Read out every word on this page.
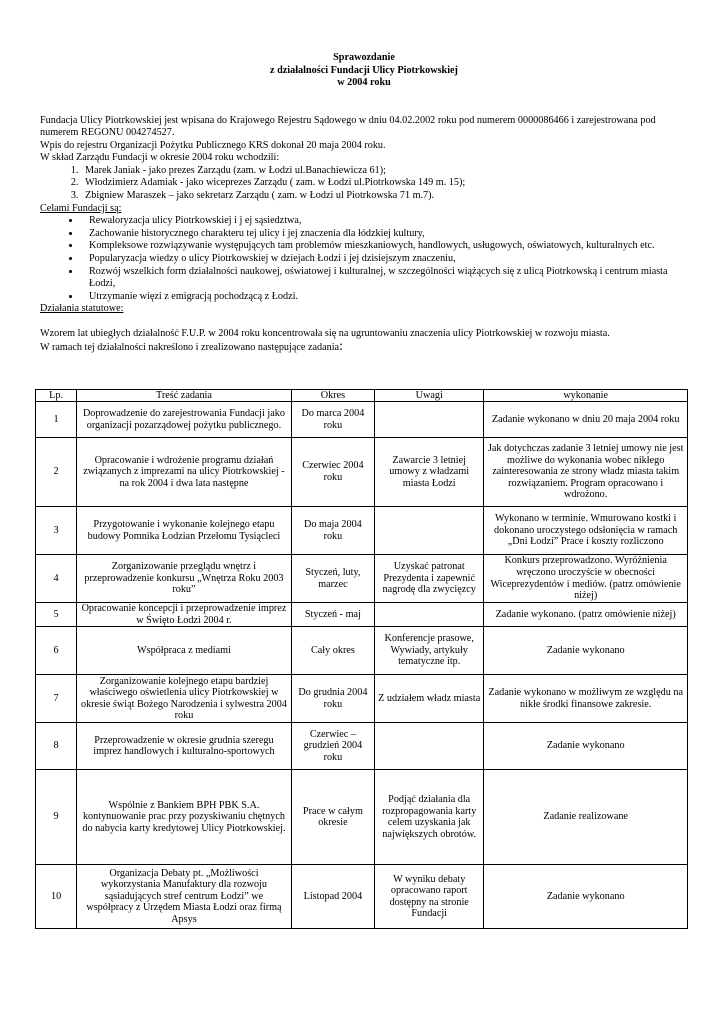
Sprawozdanie
z działalności Fundacji Ulicy Piotrkowskiej
w 2004 roku

Fundacja Ulicy Piotrkowskiej jest wpisana do Krajowego Rejestru Sądowego w dniu 04.02.2002 roku pod numerem 0000086466 i zarejestrowana pod numerem REGONU 004274527.

Wpis do rejestru Organizacji Pożytku Publicznego KRS dokonał 20 maja 2004 roku.

W skład Zarządu Fundacji w okresie 2004 roku wchodzili:

1. Marek Janiak - jako prezes Zarządu (zam. w Łodzi ul.Banachiewicza 61);
2. Włodzimierz Adamiak - jako wiceprezes Zarządu ( zam. w Łodzi ul.Piotrkowska 149 m. 15);
3. Zbigniew Maraszek – jako sekretarz Zarządu ( zam. w Łodzi ul Piotrkowska 71 m.7).

Celami Fundacji są:

• Rewaloryzacja ulicy Piotrkowskiej i j ej sąsiedztwa,
• Zachowanie historycznego charakteru tej ulicy i jej znaczenia dla łódzkiej kultury,
• Kompleksowe rozwiązywanie występujących tam problemów mieszkaniowych, handlowych, usługowych, oświatowych, kulturalnych etc.
• Popularyzacja wiedzy o ulicy Piotrkowskiej w dziejach Łodzi i jej dzisiejszym znaczeniu,
• Rozwój wszelkich form działalności naukowej, oświatowej i kulturalnej, w szczególności wiążących się z ulicą Piotrkowską i centrum miasta Łodzi,
• Utrzymanie więzi z emigracją pochodzącą z Łodzi.

Działania statutowe:

Wzorem lat ubiegłych działalność F.U.P. w 2004 roku koncentrowała się na ugruntowaniu znaczenia ulicy Piotrkowskiej w rozwoju miasta.

W ramach tej działalności nakreślono i zrealizowano następujące zadania:

Lp.	Treść zadania	Okres	Uwagi	wykonanie
1	Doprowadzenie do zarejestrowania Fundacji jako organizacji pozarządowej pożytku publicznego.	Do marca 2004 roku		Zadanie wykonano w dniu 20 maja 2004 roku
2	Opracowanie i wdrożenie programu działań związanych z imprezami na ulicy Piotrkowskiej - na rok 2004 i dwa lata następne	Czerwiec 2004 roku	Zawarcie 3 letniej umowy z władzami miasta Łodzi	Jak dotychczas zadanie 3 letniej umowy nie jest możliwe do wykonania wobec nikłego zainteresowania ze strony władz miasta takim rozwiązaniem. Program opracowano i wdrożono.
3	Przygotowanie i wykonanie kolejnego etapu budowy Pomnika Łodzian Przełomu Tysiącleci	Do maja 2004 roku		Wykonano w terminie. Wmurowano kostki i dokonano uroczystego odsłonięcia w ramach „Dni Łodzi” Prace i koszty rozliczono
4	Zorganizowanie przeglądu wnętrz i przeprowadzenie konkursu „Wnętrza Roku 2003 roku”	Styczeń, luty, marzec	Uzyskać patronat Prezydenta i zapewnić nagrodę dla zwycięzcy	Konkurs przeprowadzono. Wyróżnienia wręczono uroczyście w obecności Wiceprezydentów i mediów. (patrz omówienie niżej)
5	Opracowanie koncepcji i przeprowadzenie imprez w Święto Łodzi 2004 r.	Styczeń - maj		Zadanie wykonano. (patrz omówienie niżej)
6	Współpraca z mediami	Cały okres	Konferencje prasowe, Wywiady, artykuły tematyczne itp.	Zadanie wykonano
7	Zorganizowanie kolejnego etapu bardziej właściwego oświetlenia ulicy Piotrkowskiej w okresie świąt Bożego Narodzenia i sylwestra 2004 roku	Do grudnia 2004 roku	Z udziałem władz miasta	Zadanie wykonano w możliwym ze względu na nikłe środki finansowe zakresie.
8	Przeprowadzenie w okresie grudnia szeregu imprez handlowych i kulturalno-sportowych	Czerwiec – grudzień 2004 roku		Zadanie wykonano
9	Wspólnie z Bankiem BPH PBK S.A. kontynuowanie prac przy pozyskiwaniu chętnych do nabycia karty kredytowej Ulicy Piotrkowskiej.	Prace w całym okresie	Podjąć działania dla rozpropagowania karty celem uzyskania jak największych obrotów.	Zadanie realizowane
10	Organizacja Debaty pt. „Możliwości wykorzystania Manufaktury dla rozwoju sąsiadujących stref centrum Łodzi” we współpracy z Urzędem Miasta Łodzi oraz firmą Apsys	Listopad 2004	W wyniku debaty opracowano raport dostępny na stronie Fundacji	Zadanie wykonano
